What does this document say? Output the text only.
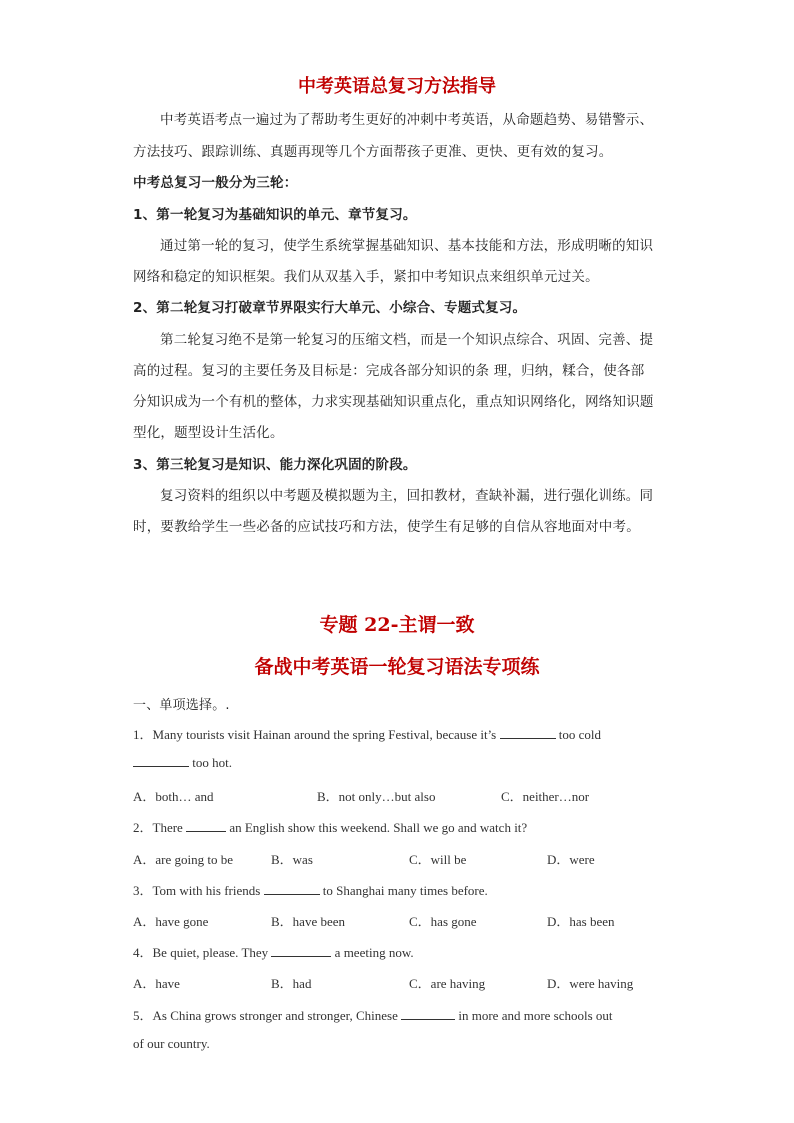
中考英语总复习方法指导
中考英语考点一遍过为了帮助考生更好的冲刺中考英语，从命题趋势、易错警示、
方法技巧、跟踪训练、真题再现等几个方面帮孩子更准、更快、更有效的复习。
中考总复习一般分为三轮：
1、第一轮复习为基础知识的单元、章节复习。
通过第一轮的复习，使学生系统掌握基础知识、基本技能和方法，形成明晰的知识
网络和稳定的知识框架。我们从双基入手，紧扣中考知识点来组织单元过关。
2、第二轮复习打破章节界限实行大单元、小综合、专题式复习。
第二轮复习绝不是第一轮复习的压缩文档，而是一个知识点综合、巩固、完善、提
高的过程。复习的主要任务及目标是：完成各部分知识的条 理，归纳，糅合，使各部
分知识成为一个有机的整体，力求实现基础知识重点化，重点知识网络化，网络知识题
型化，题型设计生活化。
3、第三轮复习是知识、能力深化巩固的阶段。
复习资料的组织以中考题及模拟题为主，回扣教材，查缺补漏，进行强化训练。同
时，要教给学生一些必备的应试技巧和方法，使学生有足够的自信从容地面对中考。
专题 22-主谓一致
备战中考英语一轮复习语法专项练
一、单项选择。.
1．Many tourists visit Hainan around the spring Festival, because it’s	too cold
too hot.
A．both… and	B．not only…but also	C．neither…nor
2．There	an English show this weekend. Shall we go and watch it?
A．are going to be	B．was	C．will be	D．were
3．Tom with his friends	to Shanghai many times before.
A．have gone	B．have been	C．has gone	D．has been
4．Be quiet, please. They	a meeting now.
A．have	B．had	C．are having	D．were having
5．As China grows stronger and stronger, Chinese	in more and more schools out
of our country.
